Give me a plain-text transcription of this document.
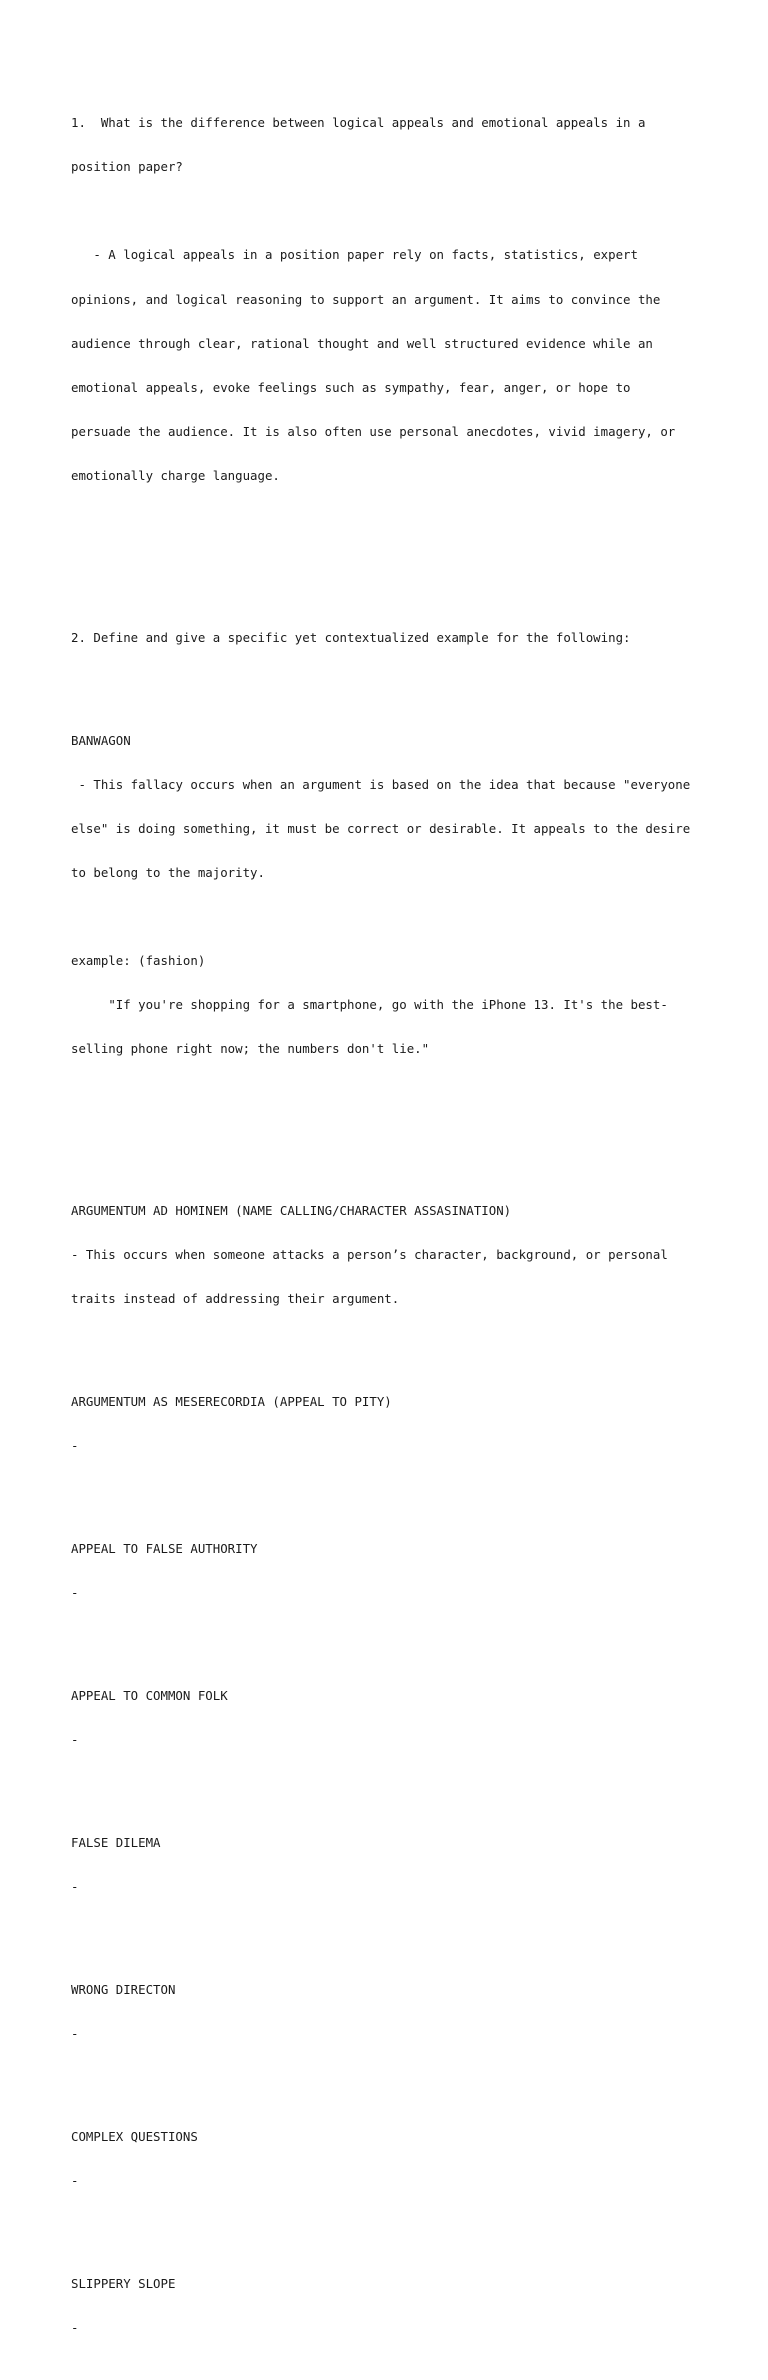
1.  What is the difference between logical appeals and emotional appeals in a

position paper?

- A logical appeals in a position paper rely on facts, statistics, expert

opinions, and logical reasoning to support an argument. It aims to convince the

audience through clear, rational thought and well structured evidence while an

emotional appeals, evoke feelings such as sympathy, fear, anger, or hope to

persuade the audience. It is also often use personal anecdotes, vivid imagery, or

emotionally charge language.

2. Define and give a specific yet contextualized example for the following:

BANWAGON

- This fallacy occurs when an argument is based on the idea that because "everyone

else" is doing something, it must be correct or desirable. It appeals to the desire

to belong to the majority.

example: (fashion)

"If you're shopping for a smartphone, go with the iPhone 13. It's the best-

selling phone right now; the numbers don't lie."

ARGUMENTUM AD HOMINEM (NAME CALLING/CHARACTER ASSASINATION)

- This occurs when someone attacks a person’s character, background, or personal

traits instead of addressing their argument.

ARGUMENTUM AS MESERECORDIA (APPEAL TO PITY)

-

APPEAL TO FALSE AUTHORITY

-

APPEAL TO COMMON FOLK

-

FALSE DILEMA

-

WRONG DIRECTON

-

COMPLEX QUESTIONS

-

SLIPPERY SLOPE

-
